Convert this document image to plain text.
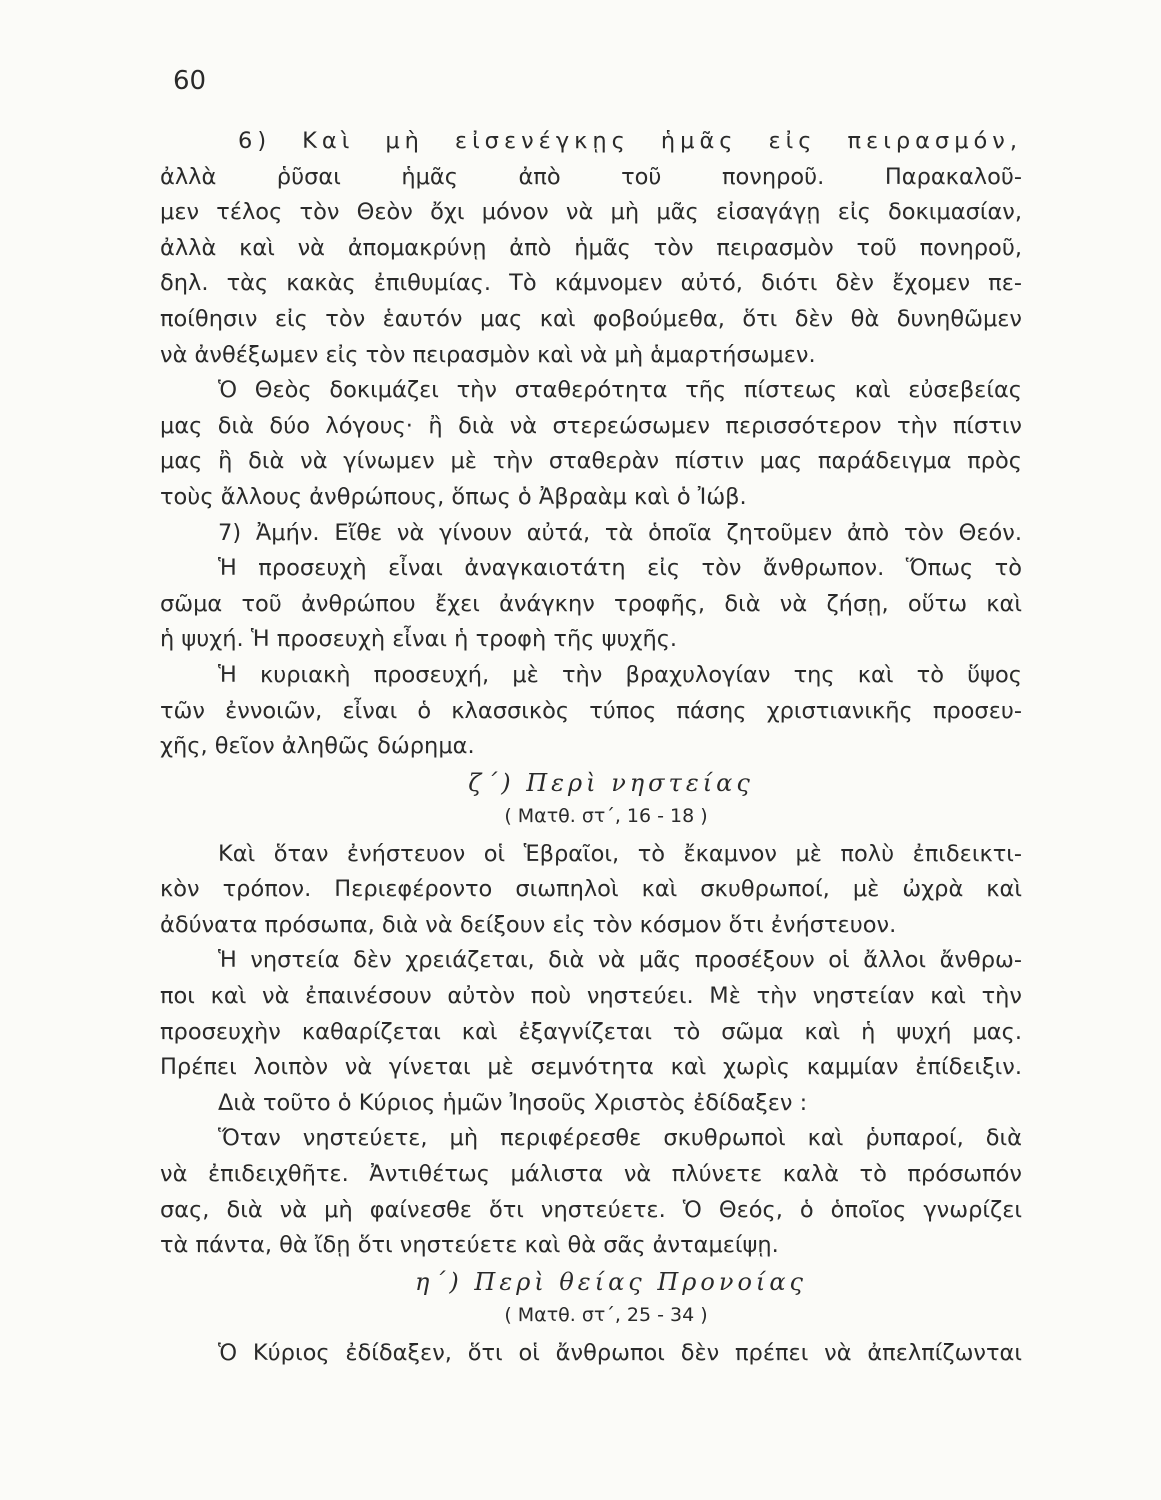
60
6) Καὶ μὴ εἰσενέγκῃς ἡμᾶς εἰς πειρασμόν,
ἀλλὰ ῥῦσαι ἡμᾶς ἀπὸ τοῦ πονηροῦ. Παρακαλοῦ-
μεν τέλος τὸν Θεὸν ὄχι μόνον νὰ μὴ μᾶς εἰσαγάγῃ εἰς δοκιμασίαν,
ἀλλὰ καὶ νὰ ἀπομακρύνῃ ἀπὸ ἡμᾶς τὸν πειρασμὸν τοῦ πονηροῦ,
δηλ. τὰς κακὰς ἐπιθυμίας. Τὸ κάμνομεν αὐτό, διότι δὲν ἔχομεν πε-
ποίθησιν εἰς τὸν ἑαυτόν μας καὶ φοβούμεθα, ὅτι δὲν θὰ δυνηθῶμεν
νὰ ἀνθέξωμεν εἰς τὸν πειρασμὸν καὶ νὰ μὴ ἁμαρτήσωμεν.
Ὁ Θεὸς δοκιμάζει τὴν σταθερότητα τῆς πίστεως καὶ εὐσεβείας
μας διὰ δύο λόγους· ἢ διὰ νὰ στερεώσωμεν περισσότερον τὴν πίστιν
μας ἢ διὰ νὰ γίνωμεν μὲ τὴν σταθερὰν πίστιν μας παράδειγμα πρὸς
τοὺς ἄλλους ἀνθρώπους, ὅπως ὁ Ἀβραὰμ καὶ ὁ Ἰώβ.
7) Ἀμήν. Εἴθε νὰ γίνουν αὐτά, τὰ ὁποῖα ζητοῦμεν ἀπὸ τὸν Θεόν.
Ἡ προσευχὴ εἶναι ἀναγκαιοτάτη εἰς τὸν ἄνθρωπον. Ὅπως τὸ
σῶμα τοῦ ἀνθρώπου ἔχει ἀνάγκην τροφῆς, διὰ νὰ ζήσῃ, οὕτω καὶ
ἡ ψυχή. Ἡ προσευχὴ εἶναι ἡ τροφὴ τῆς ψυχῆς.
Ἡ κυριακὴ προσευχή, μὲ τὴν βραχυλογίαν της καὶ τὸ ὕψος
τῶν ἐννοιῶν, εἶναι ὁ κλασσικὸς τύπος πάσης χριστιανικῆς προσευ-
χῆς, θεῖον ἀληθῶς δώρημα.
ζ΄) Περὶ νηστείας
( Ματθ. στ΄, 16 - 18 )
Καὶ ὅταν ἐνήστευον οἱ Ἑβραῖοι, τὸ ἔκαμνον μὲ πολὺ ἐπιδεικτι-
κὸν τρόπον. Περιεφέροντο σιωπηλοὶ καὶ σκυθρωποί, μὲ ὠχρὰ καὶ
ἀδύνατα πρόσωπα, διὰ νὰ δείξουν εἰς τὸν κόσμον ὅτι ἐνήστευον.
Ἡ νηστεία δὲν χρειάζεται, διὰ νὰ μᾶς προσέξουν οἱ ἄλλοι ἄνθρω-
ποι καὶ νὰ ἐπαινέσουν αὐτὸν ποὺ νηστεύει. Μὲ τὴν νηστείαν καὶ τὴν
προσευχὴν καθαρίζεται καὶ ἐξαγνίζεται τὸ σῶμα καὶ ἡ ψυχή μας.
Πρέπει λοιπὸν νὰ γίνεται μὲ σεμνότητα καὶ χωρὶς καμμίαν ἐπίδειξιν.
Διὰ τοῦτο ὁ Κύριος ἡμῶν Ἰησοῦς Χριστὸς ἐδίδαξεν :
Ὅταν νηστεύετε, μὴ περιφέρεσθε σκυθρωποὶ καὶ ῥυπαροί, διὰ
νὰ ἐπιδειχθῆτε. Ἀντιθέτως μάλιστα νὰ πλύνετε καλὰ τὸ πρόσωπόν
σας, διὰ νὰ μὴ φαίνεσθε ὅτι νηστεύετε. Ὁ Θεός, ὁ ὁποῖος γνωρίζει
τὰ πάντα, θὰ ἴδῃ ὅτι νηστεύετε καὶ θὰ σᾶς ἀνταμείψῃ.
η΄) Περὶ θείας Προνοίας
( Ματθ. στ΄, 25 - 34 )
Ὁ Κύριος ἐδίδαξεν, ὅτι οἱ ἄνθρωποι δὲν πρέπει νὰ ἀπελπίζωνται
